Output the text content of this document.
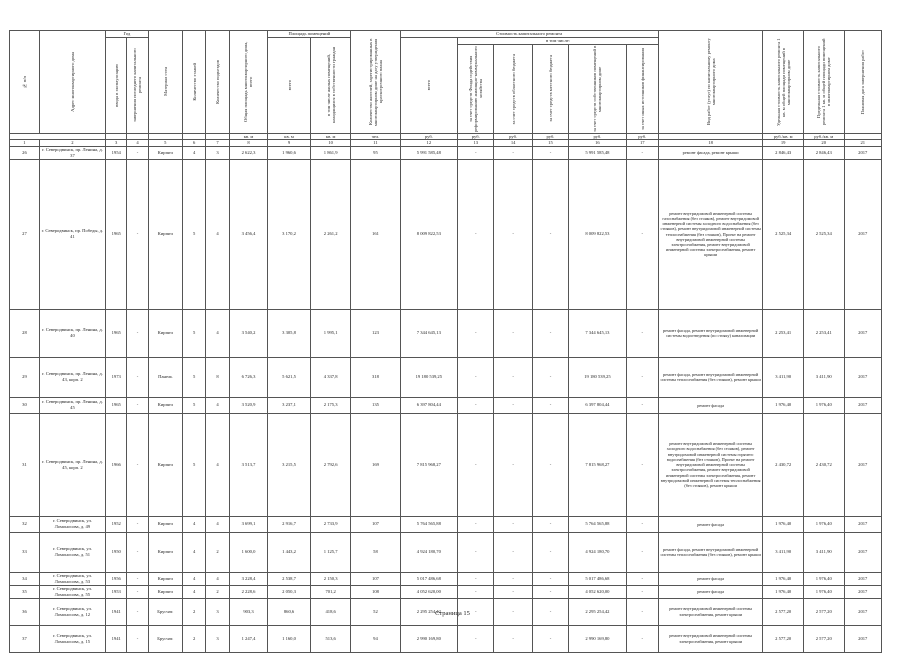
№ п/п	Адрес многоквартирного дома	Год		Материал стен	Количество этажей	Количество подъездов	Общая площадь многоквартирного дома, всего	Площадь помещений		Количество жителей, зарегистрированных в многоквартирном доме на дату утверждения краткосрочного плана	Стоимость капитального ремонта						Вид работ (услуг) по капитальному ремонту многоквартирного дома	Удельная стоимость капитального ремонта 1 кв. м общей площади помещений в многоквартирном доме	Предельная стоимость капитального ремонта 1 кв. м общей площади помещений в многоквартирном доме	Плановая дата завершения работ

		ввода в эксплуатацию	завершения последнего капитального ремонта					всего	в том числе жилых помещений, находящихся в собственности граждан		всего	в том числе:								

												за счет средств Фонда содействия реформированию жилищно-коммунального хозяйства	за счет средств областного бюджета	за счет средств местного бюджета	за счет средств собственников помещений в многоквартирном доме	за счет иных источников финансирования				

							кв. м	кв. м	кв. м	чел.	руб.	руб.	руб.	руб.	руб.	руб.		руб./кв. м	руб./кв. м	
1	2	3	4	5	6	7	8	9	10	11	12	13	14	15	16	17	18	19	20	21
26	г. Северодвинск, пр. Ленина, д. 37	1954	-	Кирпич	4	3	2 622,3	1 960,6	1 861,9	95	5 991 585,48	-	-	-	5 991 585,48	-	ремонт фасада, ремонт крыши	2 846,43	2 846,43	2017
27	г. Северодвинск, пр. Победы, д. 41	1965	-	Кирпич	5	4	3 456,4	3 170,2	2 261,2	161	8 009 822,53	-	-	-	8 009 822,53	-	ремонт внутридомовой инженерной системы газоснабжения (без стояков), ремонт внутридомовой инженерной системы холодного водоснабжения (без стояков), ремонт внутридомовой инженерной системы теплоснабжения (без стояков), Проект на ремонт внутридомовой инженерной системы электроснабжения, ремонт внутридомовой инженерной системы электроснабжения, ремонт крыши	2 525,34	2 525,34	2017
28	г. Северодвинск, пр. Ленина, д. 40	1965	-	Кирпич	5	4	3 540,2	3 305,8	1 995,1	123	7 344 645,13	-	-	-	7 344 645,13	-	ремонт фасада, ремонт внутридомовой инженерной системы водоотведения (по стояку) канализации	2 253,41	2 253,41	2017
29	г. Северодвинск, пр. Ленина, д. 43, корп. 2	1973	-	Панель	5	8	6 726,3	5 621,5	4 337,8	318	19 180 539,25	-	-	-	19 180 539,25	-	ремонт фасада, ремонт внутридомовой инженерной системы теплоснабжения (без стояков), ремонт крыши	3 411,90	3 411,90	2017
30	г. Северодвинск, пр. Ленина, д. 45	1965	-	Кирпич	5	4	3 520,9	3 237,1	2 175,3	135	6 397 804,44	-	-	-	6 397 804,44	-	ремонт фасада	1 976,40	1 976,40	2017
31	г. Северодвинск, пр. Ленина, д. 45, корп. 2	1966	-	Кирпич	5	4	3 513,7	3 215,5	2 792,6	169	7 815 968,27	-	-	-	7 815 968,27	-	ремонт внутридомовой инженерной системы холодного водоснабжения (без стояков), ремонт внутридомовой инженерной системы горячего водоснабжения (без стояков), Проект на ремонт внутридомовой инженерной системы электроснабжения, ремонт внутридомовой инженерной системы электроснабжения, ремонт внутридомовой инженерной системы теплоснабжения (без стояков), ремонт крыши	2 430,72	2 430,72	2017
32	г. Северодвинск, ул. Ломоносова, д. 49	1952	-	Кирпич	4	4	3 699,1	2 916,7	2 733,9	107	5 764 565,88	-	-	-	5 764 565,88	-	ремонт фасада	1 976,40	1 976,40	2017
33	г. Северодвинск, ул. Ломоносова, д. 51	1950	-	Кирпич	4	2	1 600,0	1 443,2	1 125,7	58	4 924 180,70	-	-	-	4 924 180,70	-	ремонт фасада, ремонт внутридомовой инженерной системы теплоснабжения (без стояков), ремонт крыши	3 411,90	3 411,90	2017
34	г. Северодвинск, ул. Ломоносова, д. 53	1956	-	Кирпич	4	4	3 228,4	2 538,7	2 150,3	107	5 017 486,68	-	-	-	5 017 486,68	-	ремонт фасада	1 976,40	1 976,40	2017
35	г. Северодвинск, ул. Ломоносова, д. 55	1953	-	Кирпич	4	2	2 228,6	2 050,3	701,2	108	4 052 620,00	-	-	-	4 052 620,00	-	ремонт фасада	1 976,40	1 976,40	2017
36	г. Северодвинск, ул. Ломоносова, д. 12	1941	-	Брусчат.	2	3	903,3	860,6	418,6	52	2 295 254,42	-	-	-	2 295 254,42	-	ремонт внутридомовой инженерной системы электроснабжения, ремонт крыши	2 577,20	2 577,20	2017
37	г. Северодвинск, ул. Ломоносова, д. 15	1941	-	Брусчат.	2	3	1 247,4	1 160,0	513,6	94	2 990 169,80	-	-	-	2 990 169,80	-	ремонт внутридомовой инженерной системы электроснабжения, ремонт крыши	2 577,20	2 577,20	2017
Страница 15
